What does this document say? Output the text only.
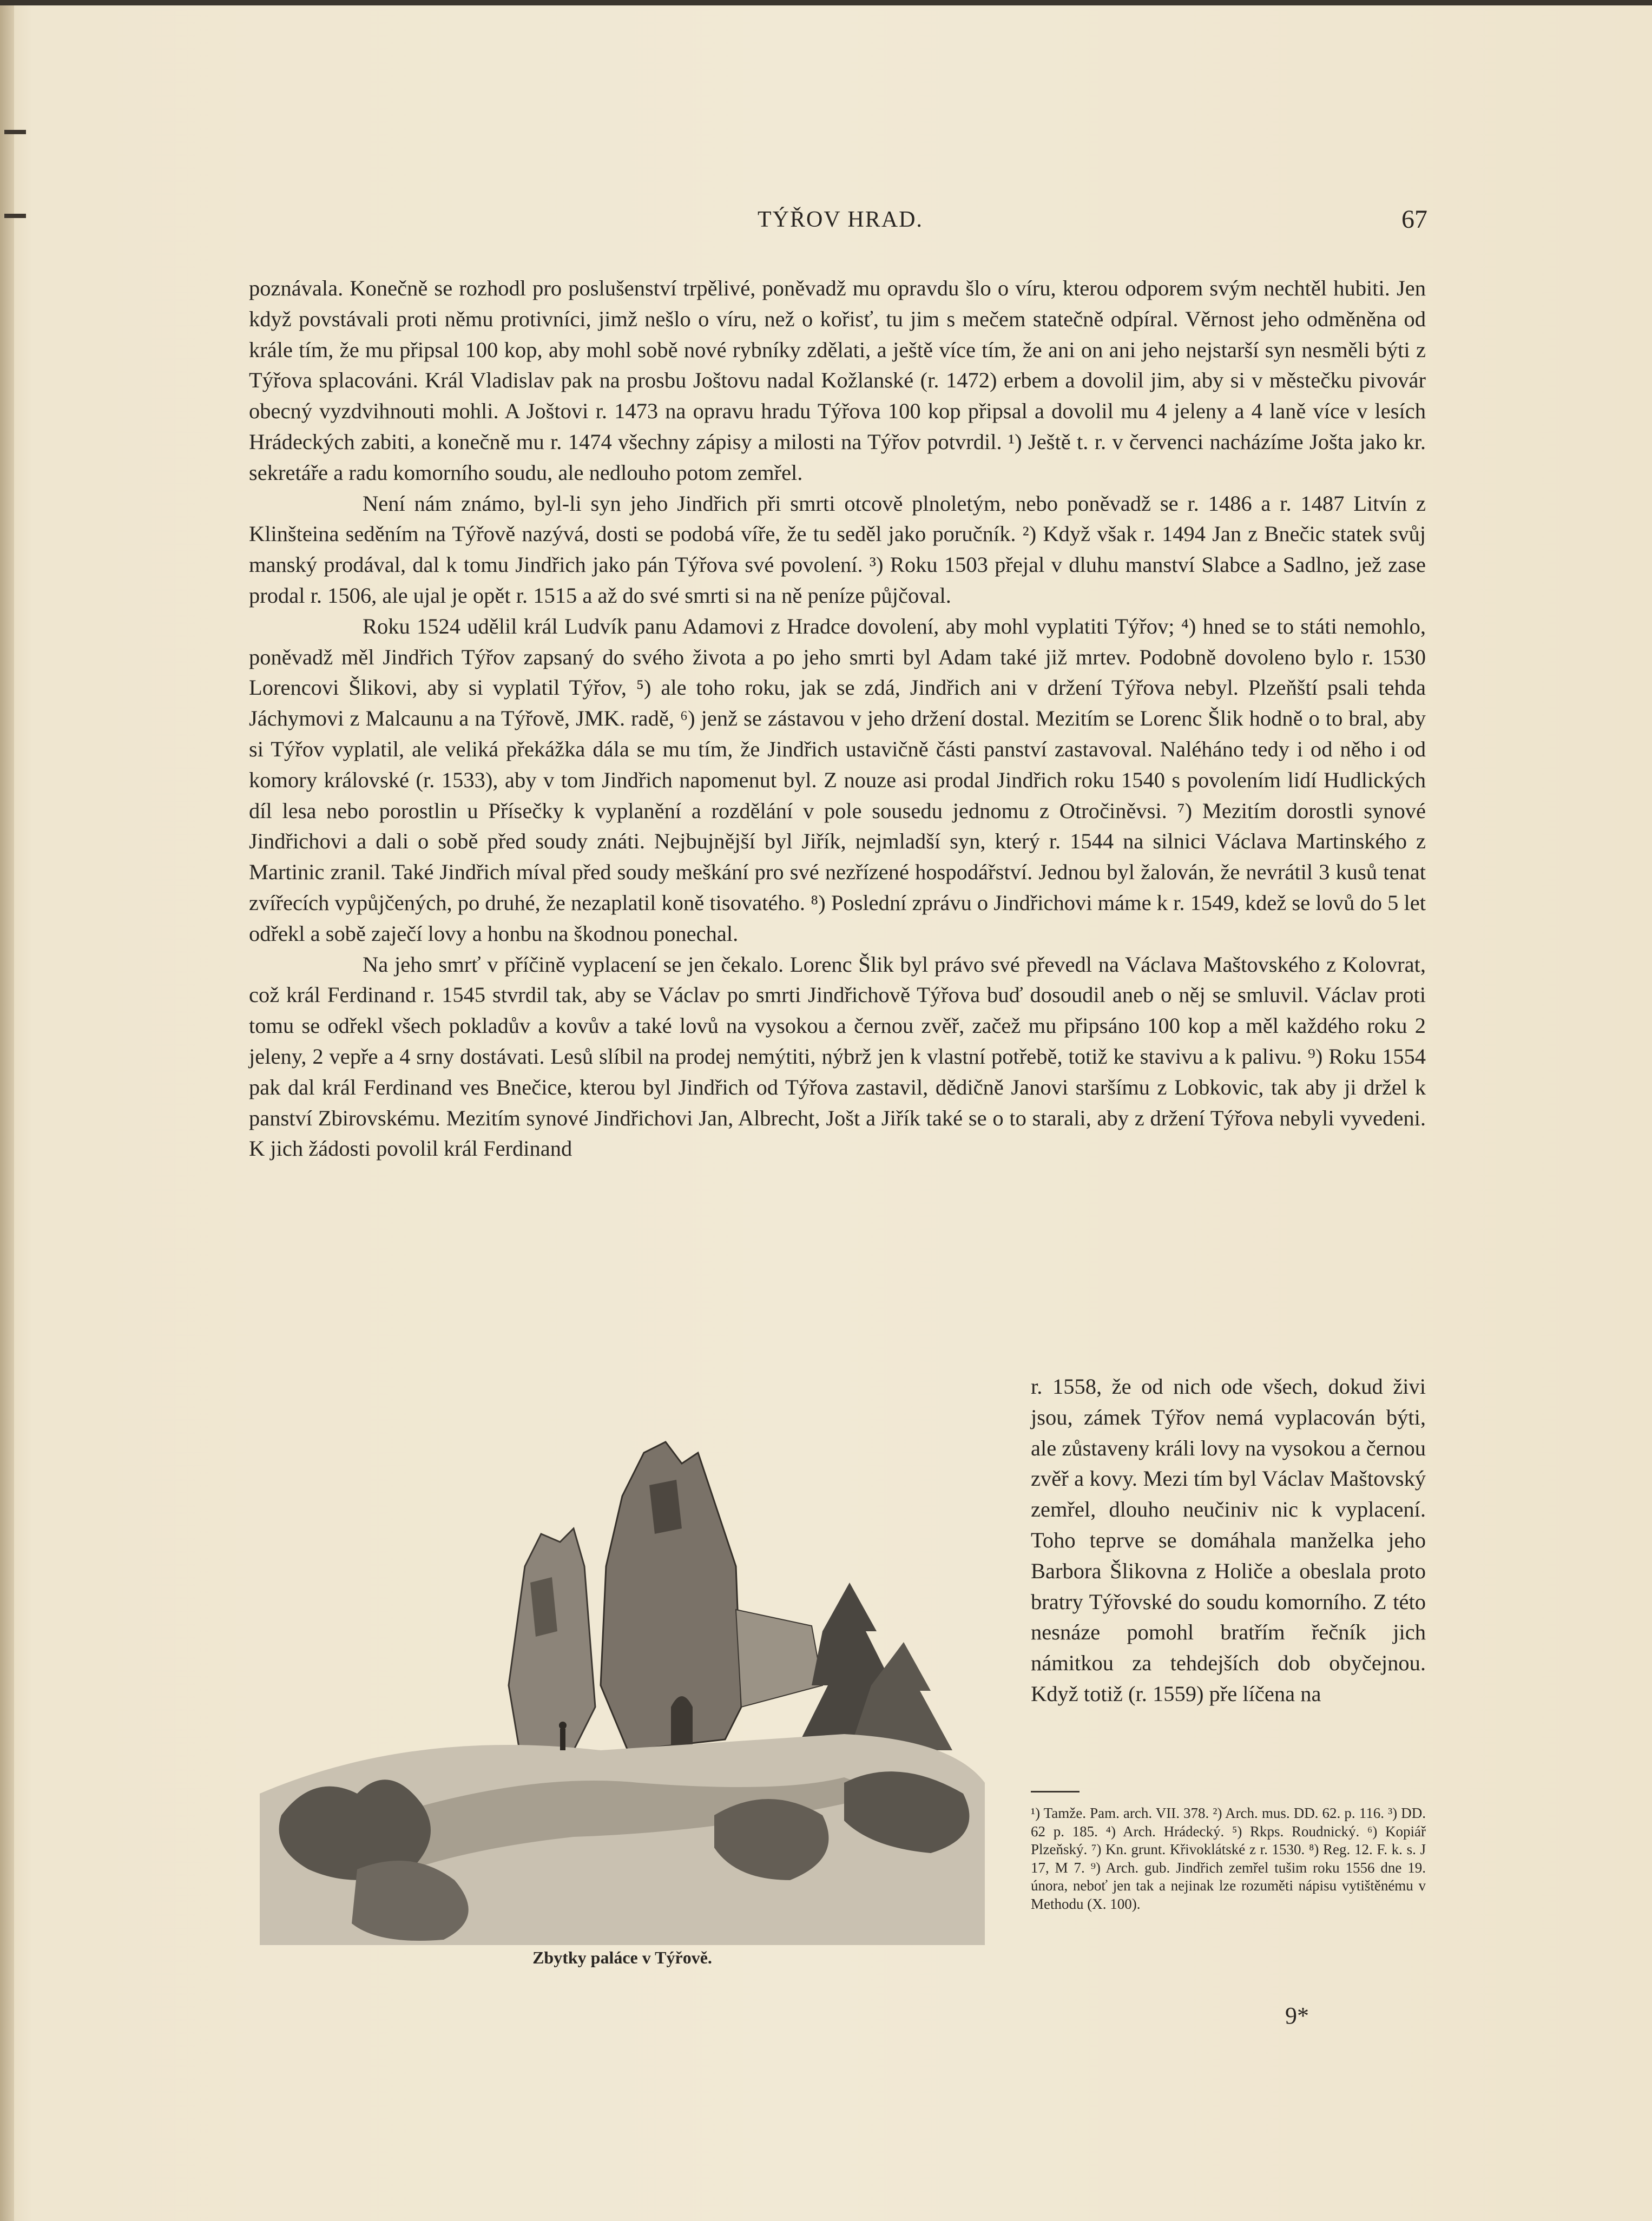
TÝŘOV HRAD.	67

poznávala. Konečně se rozhodl pro poslušenství trpělivé, poněvadž mu opravdu šlo o víru, kterou odporem svým nechtěl hubiti. Jen když povstávali proti němu protivníci, jimž nešlo o víru, než o kořisť, tu jim s mečem statečně odpíral. Věrnost jeho odměněna od krále tím, že mu připsal 100 kop, aby mohl sobě nové rybníky zdělati, a ještě více tím, že ani on ani jeho nejstarší syn nesměli býti z Týřova splacováni. Král Vladislav pak na prosbu Joštovu nadal Kožlanské (r. 1472) erbem a dovolil jim, aby si v městečku pivovár obecný vyzdvihnouti mohli. A Joštovi r. 1473 na opravu hradu Týřova 100 kop připsal a dovolil mu 4 jeleny a 4 laně více v lesích Hrádeckých zabiti, a konečně mu r. 1474 všechny zápisy a milosti na Týřov potvrdil. ¹) Ještě t. r. v červenci nacházíme Jošta jako kr. sekretáře a radu komorního soudu, ale nedlouho potom zemřel.

Není nám známo, byl-li syn jeho Jindřich při smrti otcově plnoletým, nebo poněvadž se r. 1486 a r. 1487 Litvín z Klinšteina seděním na Týřově nazývá, dosti se podobá víře, že tu seděl jako poručník. ²) Když však r. 1494 Jan z Bnečic statek svůj manský prodával, dal k tomu Jindřich jako pán Týřova své povolení. ³) Roku 1503 přejal v dluhu manství Slabce a Sadlno, jež zase prodal r. 1506, ale ujal je opět r. 1515 a až do své smrti si na ně peníze půjčoval.

Roku 1524 udělil král Ludvík panu Adamovi z Hradce dovolení, aby mohl vyplatiti Týřov; ⁴) hned se to státi nemohlo, poněvadž měl Jindřich Týřov zapsaný do svého života a po jeho smrti byl Adam také již mrtev. Podobně dovoleno bylo r. 1530 Lorencovi Šlikovi, aby si vyplatil Týřov, ⁵) ale toho roku, jak se zdá, Jindřich ani v držení Týřova nebyl. Plzeňští psali tehda Jáchymovi z Malcaunu a na Týřově, JMK. radě, ⁶) jenž se zástavou v jeho držení dostal. Mezitím se Lorenc Šlik hodně o to bral, aby si Týřov vyplatil, ale veliká překážka dála se mu tím, že Jindřich ustavičně části panství zastavoval. Naléháno tedy i od něho i od komory královské (r. 1533), aby v tom Jindřich napomenut byl. Z nouze asi prodal Jindřich roku 1540 s povolením lidí Hudlických díl lesa nebo porostlin u Přísečky k vyplanění a rozdělání v pole sousedu jednomu z Otročiněvsi. ⁷) Mezitím dorostli synové Jindřichovi a dali o sobě před soudy znáti. Nejbujnější byl Jiřík, nejmladší syn, který r. 1544 na silnici Václava Martinského z Martinic zranil. Také Jindřich míval před soudy meškání pro své nezřízené hospodářství. Jednou byl žalován, že nevrátil 3 kusů tenat zvířecích vypůjčených, po druhé, že nezaplatil koně tisovatého. ⁸) Poslední zprávu o Jindřichovi máme k r. 1549, kdež se lovů do 5 let odřekl a sobě zaječí lovy a honbu na škodnou ponechal.

Na jeho smrť v příčině vyplacení se jen čekalo. Lorenc Šlik byl právo své převedl na Václava Maštovského z Kolovrat, což král Ferdinand r. 1545 stvrdil tak, aby se Václav po smrti Jindřichově Týřova buď dosoudil aneb o něj se smluvil. Václav proti tomu se odřekl všech pokladův a kovův a také lovů na vysokou a černou zvěř, začež mu připsáno 100 kop a měl každého roku 2 jeleny, 2 vepře a 4 srny dostávati. Lesů slíbil na prodej nemýtiti, nýbrž jen k vlastní potřebě, totiž ke stavivu a k palivu. ⁹) Roku 1554 pak dal král Ferdinand ves Bnečice, kterou byl Jindřich od Týřova zastavil, dědičně Janovi staršímu z Lobkovic, tak aby ji držel k panství Zbirovskému. Mezitím synové Jindřichovi Jan, Albrecht, Jošt a Jiřík také se o to starali, aby z držení Týřova nebyli vyvedeni. K jich žádosti povolil král Ferdinand

Zbytky paláce v Týřově.
r. 1558, že od nich ode všech, dokud živi jsou, zámek Týřov nemá vyplacován býti, ale zůstaveny králi lovy na vysokou a černou zvěř a kovy. Mezi tím byl Václav Maštovský zemřel, dlouho neučiniv nic k vyplacení. Toho teprve se domáhala manželka jeho Barbora Šlikovna z Holiče a obeslala proto bratry Týřovské do soudu komorního. Z této nesnáze pomohl bratřím řečník jich námitkou za tehdejších dob obyčejnou. Když totiž (r. 1559) pře líčena na
¹) Tamže. Pam. arch. VII. 378. ²) Arch. mus. DD. 62. p. 116. ³) DD. 62 p. 185. ⁴) Arch. Hrádecký. ⁵) Rkps. Roudnický. ⁶) Kopiář Plzeňský. ⁷) Kn. grunt. Křivoklátské z r. 1530. ⁸) Reg. 12. F. k. s. J 17, M 7. ⁹) Arch. gub. Jindřich zemřel tušim roku 1556 dne 19. února, neboť jen tak a nejinak lze rozuměti nápisu vytištěnému v Methodu (X. 100).
9*
